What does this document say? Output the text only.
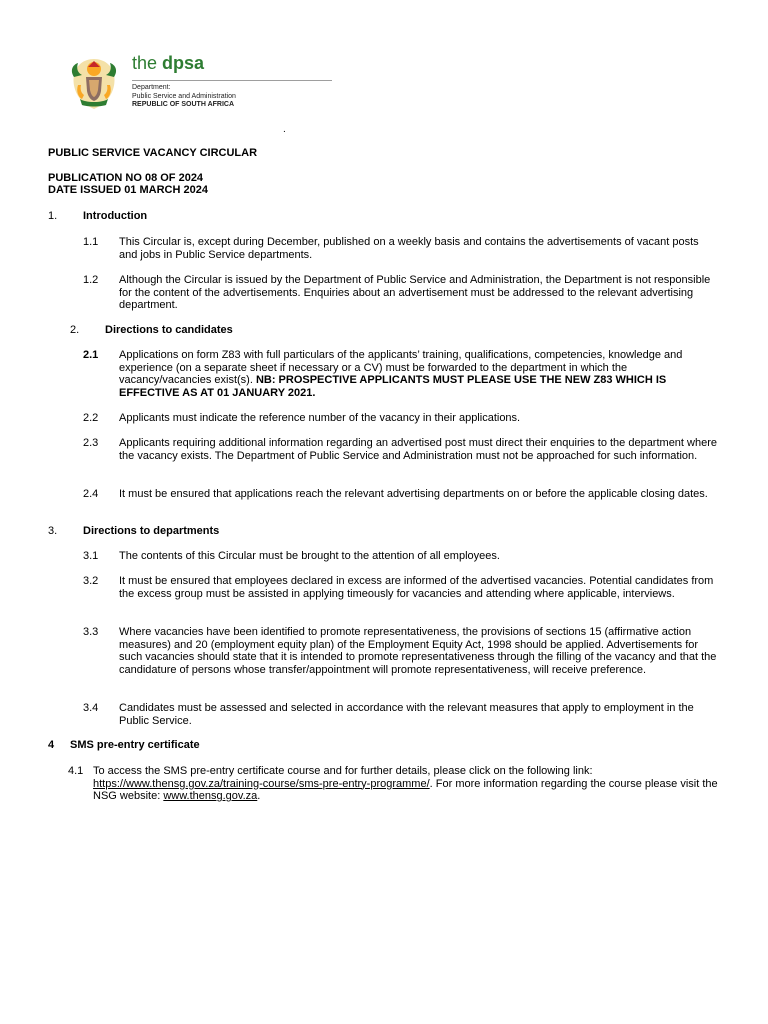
the dpsa
Department:
Public Service and Administration
REPUBLIC OF SOUTH AFRICA
.
PUBLIC SERVICE VACANCY CIRCULAR
PUBLICATION NO 08 OF 2024
DATE ISSUED 01 MARCH 2024
1. Introduction
1.1 This Circular is, except during December, published on a weekly basis and contains the advertisements of vacant posts and jobs in Public Service departments.
1.2 Although the Circular is issued by the Department of Public Service and Administration, the Department is not responsible for the content of the advertisements. Enquiries about an advertisement must be addressed to the relevant advertising department.
2. Directions to candidates
2.1 Applications on form Z83 with full particulars of the applicants’ training, qualifications, competencies, knowledge and experience (on a separate sheet if necessary or a CV) must be forwarded to the department in which the vacancy/vacancies exist(s). NB: PROSPECTIVE APPLICANTS MUST PLEASE USE THE NEW Z83 WHICH IS EFFECTIVE AS AT 01 JANUARY 2021.
2.2 Applicants must indicate the reference number of the vacancy in their applications.
2.3 Applicants requiring additional information regarding an advertised post must direct their enquiries to the department where the vacancy exists. The Department of Public Service and Administration must not be approached for such information.
2.4 It must be ensured that applications reach the relevant advertising departments on or before the applicable closing dates.
3. Directions to departments
3.1 The contents of this Circular must be brought to the attention of all employees.
3.2 It must be ensured that employees declared in excess are informed of the advertised vacancies. Potential candidates from the excess group must be assisted in applying timeously for vacancies and attending where applicable, interviews.
3.3 Where vacancies have been identified to promote representativeness, the provisions of sections 15 (affirmative action measures) and 20 (employment equity plan) of the Employment Equity Act, 1998 should be applied. Advertisements for such vacancies should state that it is intended to promote representativeness through the filling of the vacancy and that the candidature of persons whose transfer/appointment will promote representativeness, will receive preference.
3.4 Candidates must be assessed and selected in accordance with the relevant measures that apply to employment in the Public Service.
4 SMS pre-entry certificate
4.1 To access the SMS pre-entry certificate course and for further details, please click on the following link: https://www.thensg.gov.za/training-course/sms-pre-entry-programme/. For more information regarding the course please visit the NSG website: www.thensg.gov.za.
